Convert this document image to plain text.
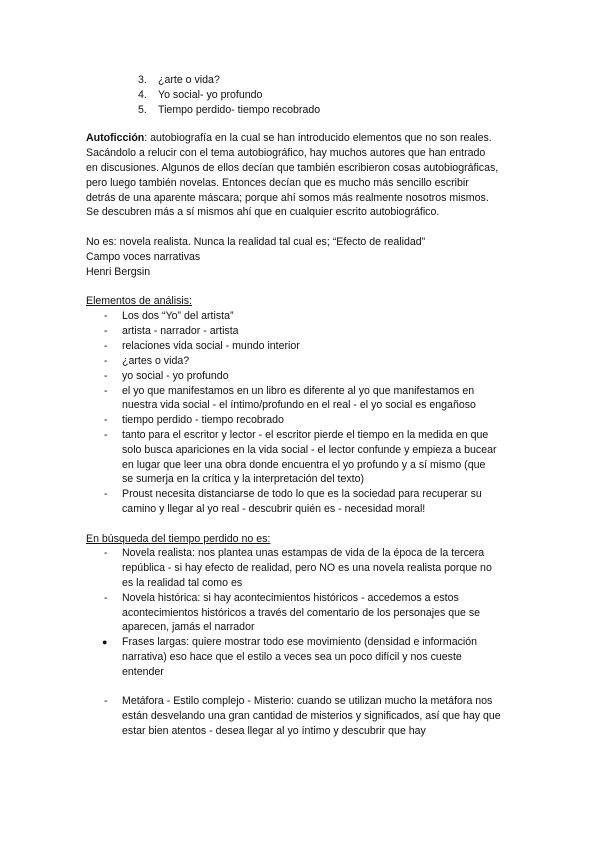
3. ¿arte o vida?
4. Yo social- yo profundo
5. Tiempo perdido- tiempo recobrado
Autoficción: autobiografía en la cual se han introducido elementos que no son reales.
Sacándolo a relucir con el tema autobiográfico, hay muchos autores que han entrado
en discusiones. Algunos de ellos decían que también escribieron cosas autobiográficas,
pero luego también novelas. Entonces decían que es mucho más sencillo escribir
detrás de una aparente máscara; porque ahí somos más realmente nosotros mismos.
Se descubren más a sí mismos ahí que en cualquier escrito autobiográfico.
No es: novela realista. Nunca la realidad tal cual es; “Efecto de realidad”
Campo voces narrativas
Henri Bergsin
Elementos de análisis:
- Los dos “Yo” del artista”
- artista - narrador - artista
- relaciones vida social - mundo interior
- ¿artes o vida?
- yo social - yo profundo
- el yo que manifestamos en un libro es diferente al yo que manifestamos en
nuestra vida social - el íntimo/profundo en el real - el yo social es engañoso
- tiempo perdido - tiempo recobrado
- tanto para el escritor y lector - el escritor pierde el tiempo en la medida en que
solo busca apariciones en la vida social - el lector confunde y empieza a bucear
en lugar que leer una obra donde encuentra el yo profundo y a sí mismo (que
se sumerja en la crítica y la interpretación del texto)
- Proust necesita distanciarse de todo lo que es la sociedad para recuperar su
camino y llegar al yo real - descubrir quién es - necesidad moral!
En búsqueda del tiempo perdido no es:
- Novela realista: nos plantea unas estampas de vida de la época de la tercera
república - si hay efecto de realidad, pero NO es una novela realista porque no
es la realidad tal como es
- Novela histórica: si hay acontecimientos históricos - accedemos a estos
acontecimientos históricos a través del comentario de los personajes que se
aparecen, jamás el narrador
● Frases largas: quiere mostrar todo ese movimiento (densidad e información
narrativa) eso hace que el estilo a veces sea un poco difícil y nos cueste
entender
- Metáfora - Estilo complejo - Misterio: cuando se utilizan mucho la metáfora nos
están desvelando una gran cantidad de misterios y significados, así que hay que
estar bien atentos - desea llegar al yo íntimo y descubrir que hay
